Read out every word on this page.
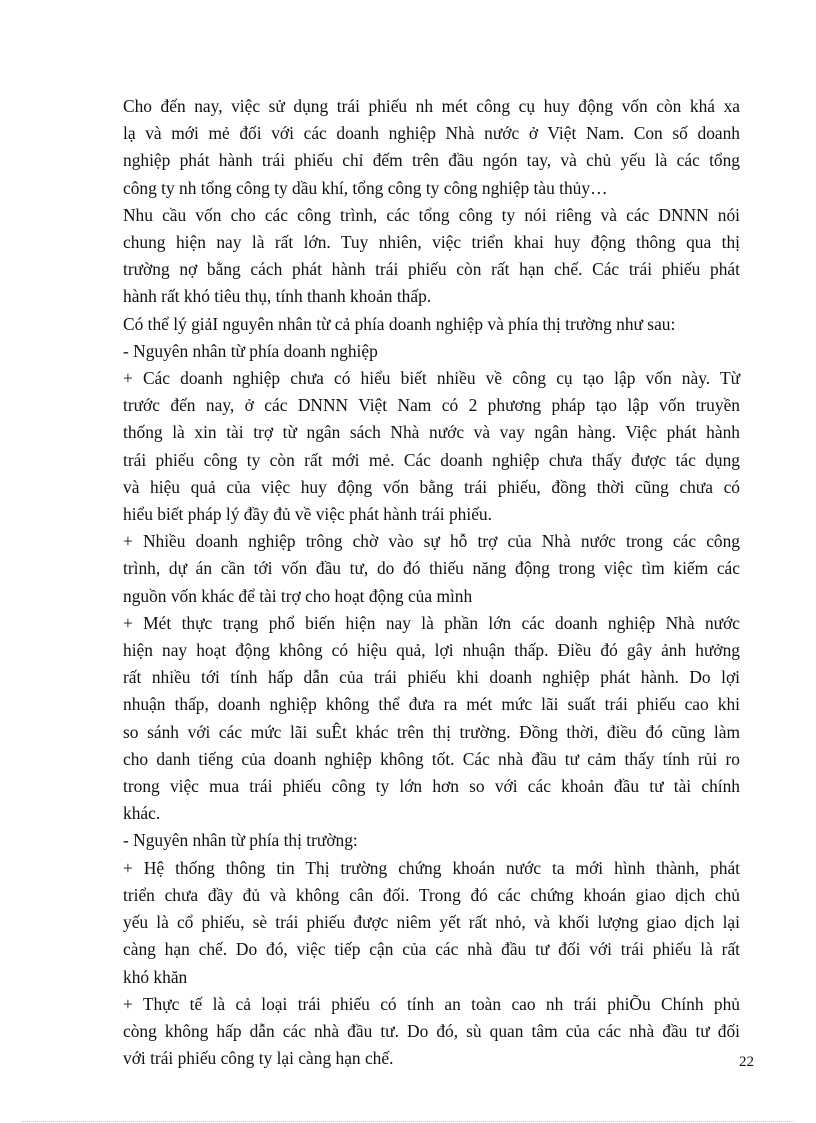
Cho đến nay, việc sử dụng trái phiếu nh mét công cụ huy động vốn còn khá xa

lạ và mới mẻ đối với các doanh nghiệp Nhà nước ở Việt Nam. Con số doanh

nghiệp phát hành trái phiếu chỉ đếm trên đầu ngón tay, và chủ yếu là các tổng

công ty nh tổng công ty dầu khí, tổng công ty công nghiệp tàu thủy…

Nhu cầu vốn cho các công trình, các tổng công ty nói riêng và các DNNN nói

chung hiện nay là rất lớn. Tuy nhiên, việc triển khai huy động thông qua thị

trường nợ bằng cách phát hành trái phiếu còn rất hạn chế. Các trái phiếu phát

hành rất khó tiêu thụ, tính thanh khoản thấp.

Có thể lý giảI nguyên nhân từ cả phía doanh nghiệp và phía thị trường như sau:

- Nguyên nhân từ phía doanh nghiệp

+ Các doanh nghiệp chưa có hiểu biết nhiều về công cụ tạo lập vốn này. Từ

trước đến nay, ở các DNNN Việt Nam có 2 phương pháp tạo lập vốn truyền

thống là xin tài trợ từ ngân sách Nhà nước và vay ngân hàng. Việc phát hành

trái phiếu công ty còn rất mới mẻ. Các doanh nghiệp chưa thấy được tác dụng

và hiệu quả của việc huy động vốn bằng trái phiếu, đồng thời cũng chưa có

hiểu biết pháp lý đầy đủ về việc phát hành trái phiếu.

+ Nhiều doanh nghiệp trông chờ vào sự hỗ trợ của Nhà nước trong các công

trình, dự án cần tới vốn đầu tư, do đó thiếu năng động trong việc tìm kiếm các

nguồn vốn khác để tài trợ cho hoạt động của mình

+ Mét thực trạng phổ biến hiện nay là phần lớn các doanh nghiệp Nhà nước

hiện nay hoạt động không có hiệu quả, lợi nhuận thấp. Điều đó gây ảnh hưởng

rất nhiều tới tính hấp dẫn của trái phiếu khi doanh nghiệp phát hành. Do lợi

nhuận thấp, doanh nghiệp không thể đưa ra mét mức lãi suất trái phiếu cao khi

so sánh với các mức lãi suÊt khác trên thị trường. Đồng thời, điều đó cũng làm

cho danh tiếng của doanh nghiệp không tốt. Các nhà đầu tư cảm thấy tính rủi ro

trong việc mua trái phiếu công ty lớn hơn so với các khoản đầu tư tài chính

khác.

- Nguyên nhân từ phía thị trường:

+ Hệ thống thông tin Thị trường chứng khoán nước ta mới hình thành, phát

triển chưa đầy đủ và không cân đối. Trong đó các chứng khoán giao dịch chủ

yếu là cổ phiếu, sè trái phiếu được niêm yết rất nhỏ, và khối lượng giao dịch lại

càng hạn chế. Do đó, việc tiếp cận của các nhà đầu tư đối với trái phiếu là rất

khó khăn

+ Thực tế là cả loại trái phiếu có tính an toàn cao nh trái phiÕu Chính phủ

còng không hấp dẫn các nhà đầu tư. Do đó, sù quan tâm của các nhà đầu tư đối

với trái phiếu công ty lại càng hạn chế.	22
